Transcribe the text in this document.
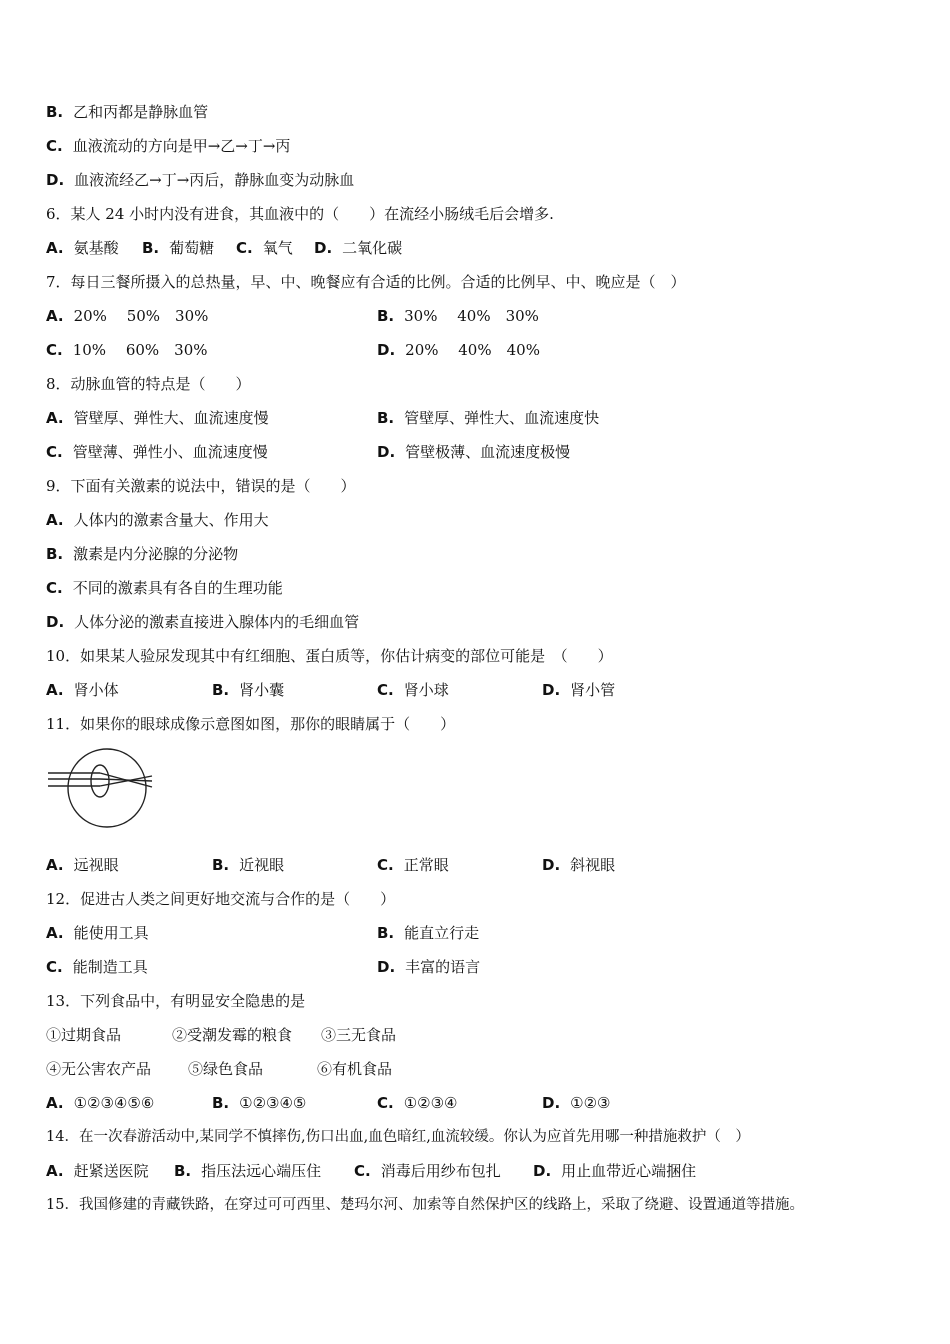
B. 乙和丙都是静脉血管
C. 血液流动的方向是甲→乙→丁→丙
D. 血液流经乙→丁→丙后，静脉血变为动脉血
6．某人 24 小时内没有进食，其血液中的（　　）在流经小肠绒毛后会增多.
A. 氨基酸 B. 葡萄糖 C. 氧气 D. 二氧化碳
7．每日三餐所摄入的总热量，早、中、晚餐应有合适的比例。合适的比例早、中、晚应是（　）
A. 20%　 50%　30%	B. 30%　 40%　30%
C. 10%　 60%　30%	D. 20%　 40%　40%
8．动脉血管的特点是（　　）
A. 管壁厚、弹性大、血流速度慢	B. 管壁厚、弹性大、血流速度快
C. 管壁薄、弹性小、血流速度慢	D. 管壁极薄、血流速度极慢
9．下面有关激素的说法中，错误的是（　　）
A. 人体内的激素含量大、作用大
B. 激素是内分泌腺的分泌物
C. 不同的激素具有各自的生理功能
D. 人体分泌的激素直接进入腺体内的毛细血管
10．如果某人验尿发现其中有红细胞、蛋白质等，你估计病变的部位可能是　（　　）
A. 肾小体	B. 肾小囊	C. 肾小球	D. 肾小管
11．如果你的眼球成像示意图如图，那你的眼睛属于（　　）
A. 远视眼	B. 近视眼	C. 正常眼	D. 斜视眼
12．促进古人类之间更好地交流与合作的是（　　）
A. 能使用工具	B. 能直立行走
C. 能制造工具	D. 丰富的语言
13．下列食品中，有明显安全隐患的是
①过期食品	②受潮发霉的粮食 ③三无食品
④无公害农产品 ⑤绿色食品	⑥有机食品
A. ①②③④⑤⑥	B. ①②③④⑤	C. ①②③④	D. ①②③
14．在一次春游活动中,某同学不慎摔伤,伤口出血,血色暗红,血流较缓。你认为应首先用哪一种措施救护（　）
A. 赶紧送医院 B. 指压法远心端压住 C. 消毒后用纱布包扎 D. 用止血带近心端捆住
15．我国修建的青藏铁路，在穿过可可西里、楚玛尔河、加索等自然保护区的线路上，采取了绕避、设置通道等措施。
